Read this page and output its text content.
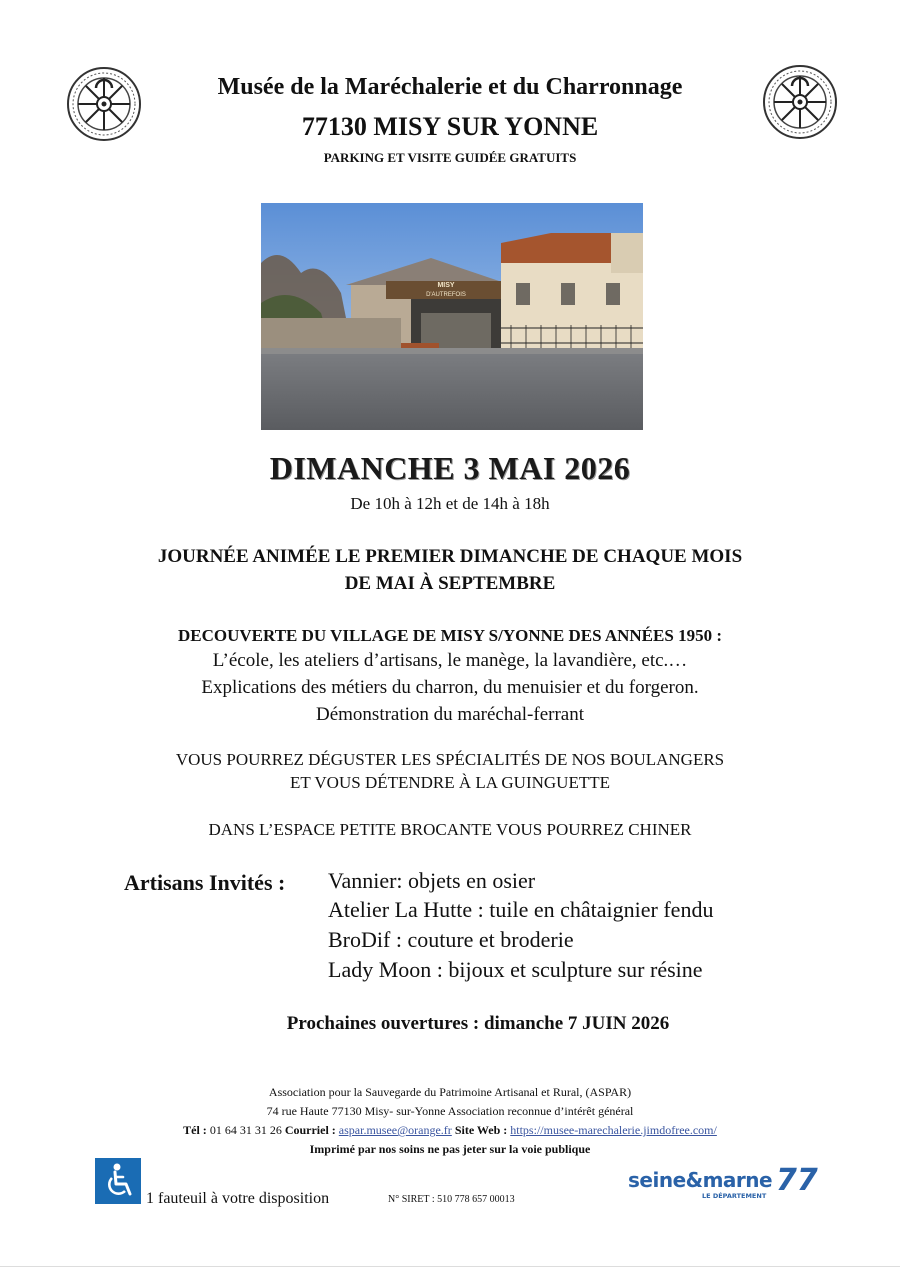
Musée de la Maréchalerie et du Charronnage
77130 MISY SUR YONNE
PARKING ET VISITE GUIDÉE GRATUITS
MISY
D'AUTREFOIS
DIMANCHE 3 MAI 2026
De 10h à 12h et de 14h à 18h
JOURNÉE ANIMÉE LE PREMIER DIMANCHE DE CHAQUE MOIS
DE MAI À SEPTEMBRE
DECOUVERTE DU VILLAGE DE MISY S/YONNE DES ANNÉES 1950 :
L’école, les ateliers d’artisans, le manège, la lavandière, etc.…
Explications des métiers du charron, du menuisier et du forgeron.
Démonstration du maréchal-ferrant
VOUS POURREZ DÉGUSTER LES SPÉCIALITÉS DE NOS BOULANGERS
ET VOUS DÉTENDRE À LA GUINGUETTE
DANS L’ESPACE PETITE BROCANTE VOUS POURREZ CHINER
Artisans Invités : Vannier: objets en osier
Atelier La Hutte : tuile en châtaignier fendu
BroDif : couture et broderie
Lady Moon : bijoux et sculpture sur résine
Prochaines ouvertures : dimanche 7 JUIN 2026
Association pour la Sauvegarde du Patrimoine Artisanal et Rural, (ASPAR)
74 rue Haute 77130 Misy- sur-Yonne Association reconnue d’intérêt général
Tél : 01 64 31 31 26 Courriel : aspar.musee@orange.fr Site Web : https://musee-marechalerie.jimdofree.com/
Imprimé par nos soins ne pas jeter sur la voie publique
1 fauteuil à votre disposition	N° SIRET : 510 778 657 00013
seine&marne
LE DÉPARTEMENT 77
